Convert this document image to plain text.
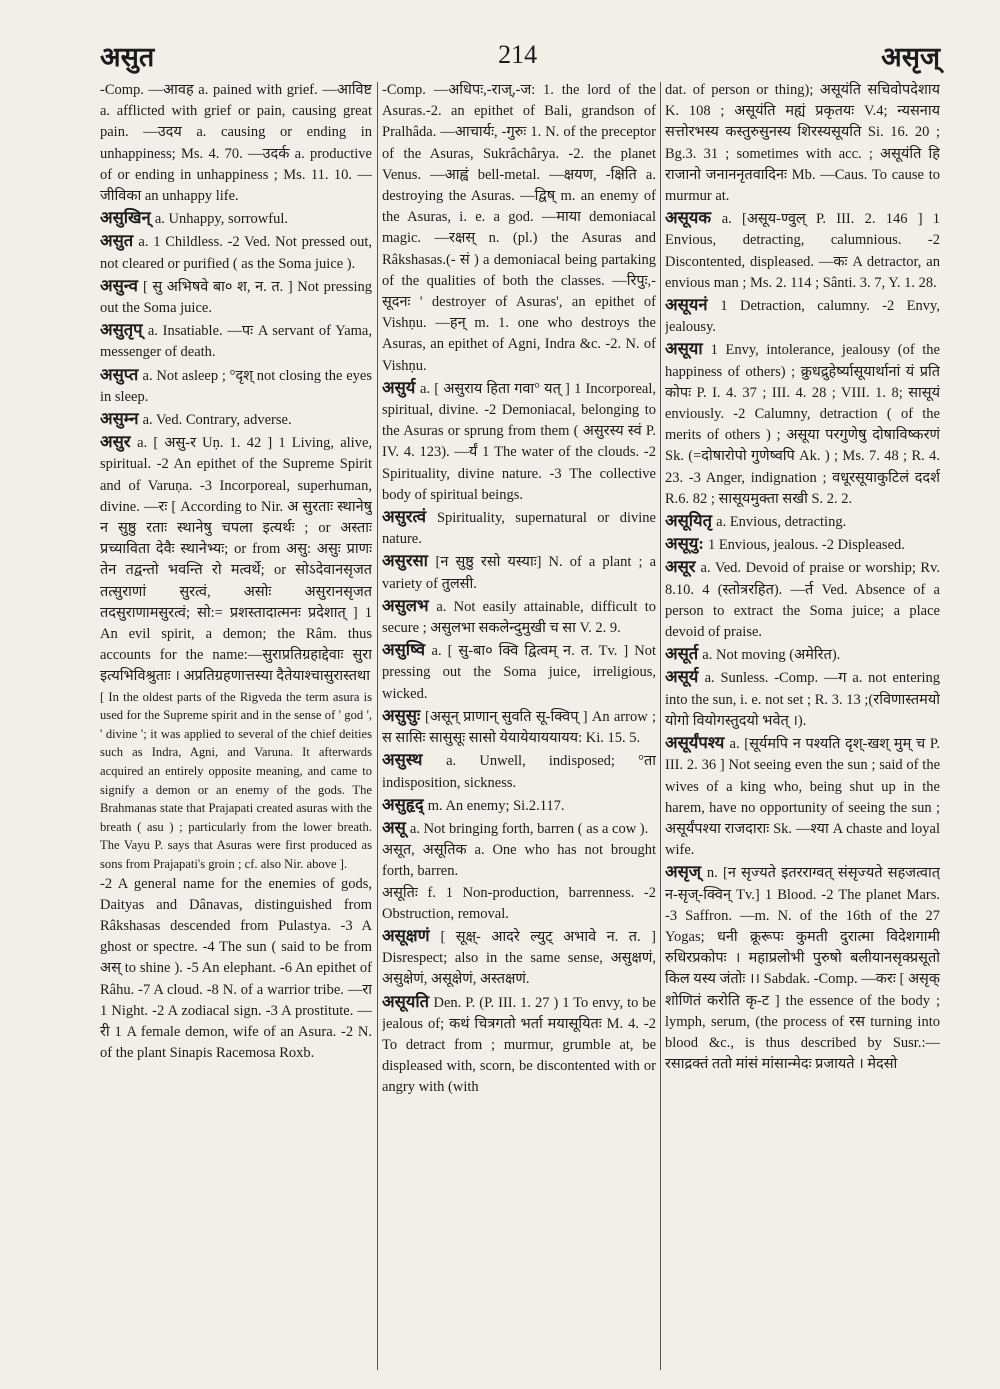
असुत	214	असृज्

-Comp. —आवह a. pained with grief. —आविष्ट a. afflicted with grief or pain, causing great pain. —उदय a. causing or ending in unhappiness; Ms. 4. 70. —उदर्क a. productive of or ending in unhappiness ; Ms. 11. 10. —जीविका an unhappy life.

असुखिन् a. Unhappy, sorrowful.

असुत a. 1 Childless. -2 Ved. Not pressed out, not cleared or purified ( as the Soma juice ).

असुन्व [ सु अभिषवे बा० श, न. त. ] Not pressing out the Soma juice.

असुतृप् a. Insatiable. —पः A servant of Yama, messenger of death.

असुप्त a. Not asleep ; °दृश् not closing the eyes in sleep.

असुम्न a. Ved. Contrary, adverse.

असुर a. [ असु-र Uṇ. 1. 42 ] 1 Living, alive, spiritual. -2 An epithet of the Supreme Spirit and of Varuṇa. -3 Incorporeal, superhuman, divine. —रः [ According to Nir. अ सुरताः स्थानेषु न सुष्ठु रताः स्थानेषु चपला इत्यर्थः ; or अस्ताः प्रच्याविता देवैः स्थानेभ्यः; or from असु: असुः प्राणः तेन तद्वन्तो भवन्ति रो मत्वर्थे; or सोऽदेवानसृजत तत्सुराणां सुरत्वं, असोः असुरानसृजत तदसुराणामसुरत्वं; सो:= प्रशस्तादात्मनः प्रदेशात् ] 1 An evil spirit, a demon; the Râm. thus accounts for the name:—सुराप्रतिग्रहाद्देवाः सुरा इत्यभिविश्रुताः । अप्रतिग्रहणात्तस्या दैतेयाश्चासुरास्तथा

[ In the oldest parts of the Rigveda the term asura is used for the Supreme spirit and in the sense of ' god ', ' divine '; it was applied to several of the chief deities such as Indra, Agni, and Varuna. It afterwards acquired an entirely opposite meaning, and came to signify a demon or an enemy of the gods. The Brahmanas state that Prajapati created asuras with the breath ( asu ) ; particularly from the lower breath. The Vayu P. says that Asuras were first produced as sons from Prajapati's groin ; cf. also Nir. above ].

-2 A general name for the enemies of gods, Daityas and Dânavas, distinguished from Râkshasas descended from Pulastya. -3 A ghost or spectre. -4 The sun ( said to be from अस् to shine ). -5 An elephant. -6 An epithet of Râhu. -7 A cloud. -8 N. of a warrior tribe. —रा 1 Night. -2 A zodiacal sign. -3 A prostitute. —री 1 A female demon, wife of an Asura. -2 N. of the plant Sinapis Racemosa Roxb.

-Comp. —अधिपः,-राज्,-ज: 1. the lord of the Asuras.-2. an epithet of Bali, grandson of Pralhâda. —आचार्यः, -गुरुः 1. N. of the preceptor of the Asuras, Sukrâchârya. -2. the planet Venus. —आह्वं bell-metal. —क्षयण, -क्षिति a. destroying the Asuras. —द्विष् m. an enemy of the Asuras, i. e. a god. —माया demoniacal magic. —रक्षस् n. (pl.) the Asuras and Râkshasas.(- सं ) a demoniacal being partaking of the qualities of both the classes. —रिपुः,-सूदनः ' destroyer of Asuras', an epithet of Vishṇu. —हन् m. 1. one who destroys the Asuras, an epithet of Agni, Indra &c. -2. N. of Vishṇu.

असुर्य a. [ असुराय हिता गवा° यत् ] 1 Incorporeal, spiritual, divine. -2 Demoniacal, belonging to the Asuras or sprung from them ( असुरस्य स्वं P. IV. 4. 123). —र्यं 1 The water of the clouds. -2 Spirituality, divine nature. -3 The collective body of spiritual beings.

असुरत्वं Spirituality, supernatural or divine nature.

असुरसा [न सुष्ठु रसो यस्याः] N. of a plant ; a variety of तुलसी.

असुलभ a. Not easily attainable, difficult to secure ; असुलभा सकलेन्दुमुखी च सा V. 2. 9.

असुष्वि a. [ सु-बा० क्वि द्वित्वम् न. त. Tv. ] Not pressing out the Soma juice, irreligious, wicked.

असुसुः [असून् प्राणान् सुवति सू-क्विप् ] An arrow ; स सासिः सासुसूः सासो येयायेयाययायय: Ki. 15. 5.

असुस्थ a. Unwell, indisposed; °ता indisposition, sickness.

असुहृद् m. An enemy; Si.2.117.

असू a. Not bringing forth, barren ( as a cow ).

असूत, असूतिक a. One who has not brought forth, barren.

असूतिः f. 1 Non-production, barrenness. -2 Obstruction, removal.

असूक्षणं [ सूक्ष्- आदरे ल्युट् अभावे न. त. ] Disrespect; also in the same sense, असुक्षणं, असुक्षेणं, असूक्षेणं, अस्तक्षणं.

असूयति Den. P. (P. III. 1. 27 ) 1 To envy, to be jealous of; कथं चित्रगतो भर्ता मयासूयितः M. 4. -2 To detract from ; murmur, grumble at, be displeased with, scorn, be discontented with or angry with (with

dat. of person or thing); असूयंति सचिवोपदेशाय K. 108 ; असूयंति मह्यं प्रकृतयः V.4; न्यसनाय सत्तोरभस्य कस्तुरुसुनस्य शिरस्यसूयति Si. 16. 20 ; Bg.3. 31 ; sometimes with acc. ; असूयंति हि राजानो जनाननृतवादिनः Mb. —Caus. To cause to murmur at.

असूयक a. [असूय-ण्वुल् P. III. 2. 146 ] 1 Envious, detracting, calumnious. -2 Discontented, displeased. —कः A detractor, an envious man ; Ms. 2. 114 ; Sânti. 3. 7, Y. 1. 28.

असूयनं 1 Detraction, calumny. -2 Envy, jealousy.

असूया 1 Envy, intolerance, jealousy (of the happiness of others) ; क्रुधद्रुहेर्ष्यासूयार्थानां यं प्रति कोपः P. I. 4. 37 ; III. 4. 28 ; VIII. 1. 8; सासूयं enviously. -2 Calumny, detraction ( of the merits of others ) ; असूया परगुणेषु दोषाविष्करणं Sk. (=दोषारोपो गुणेष्वपि Ak. ) ; Ms. 7. 48 ; R. 4. 23. -3 Anger, indignation ; वधूरसूयाकुटिलं ददर्श R.6. 82 ; सासूयमुक्ता सखी S. 2. 2.

असूयितृ a. Envious, detracting.

असूयु: 1 Envious, jealous. -2 Displeased.

असूर a. Ved. Devoid of praise or worship; Rv. 8.10. 4 (स्तोत्ररहित). —र्त Ved. Absence of a person to extract the Soma juice; a place devoid of praise.

असूर्त a. Not moving (अमेरित).

असूर्य a. Sunless. -Comp. —ग a. not entering into the sun, i. e. not set ; R. 3. 13 ;(रविणास्तमयो योगो वियोगस्तुदयो भवेत् ।).

असूर्यंपश्य a. [सूर्यमपि न पश्यति दृश्-खश् मुम् च P. III. 2. 36 ] Not seeing even the sun ; said of the wives of a king who, being shut up in the harem, have no opportunity of seeing the sun ; असूर्यंपश्या राजदाराः Sk. —श्या A chaste and loyal wife.

असृज् n. [न सृज्यते इतरराग्वत् संसृज्यते सहजत्वात् न-सृज्-क्विन् Tv.] 1 Blood. -2 The planet Mars. -3 Saffron. —m. N. of the 16th of the 27 Yogas; धनी क्रूरूपः कुमती दुरात्मा विदेशगामी रुधिरप्रकोपः । महाप्रलोभी पुरुषो बलीयानसृक्प्रसूतो किल यस्य जंतोः ।। Sabdak. -Comp. —करः [ असृक् शोणितं करोति कृ-ट ] the essence of the body ; lymph, serum, (the process of रस turning into blood &c., is thus described by Susr.:— रसाद्रक्तं ततो मांसं मांसान्मेदः प्रजायते । मेदसो
